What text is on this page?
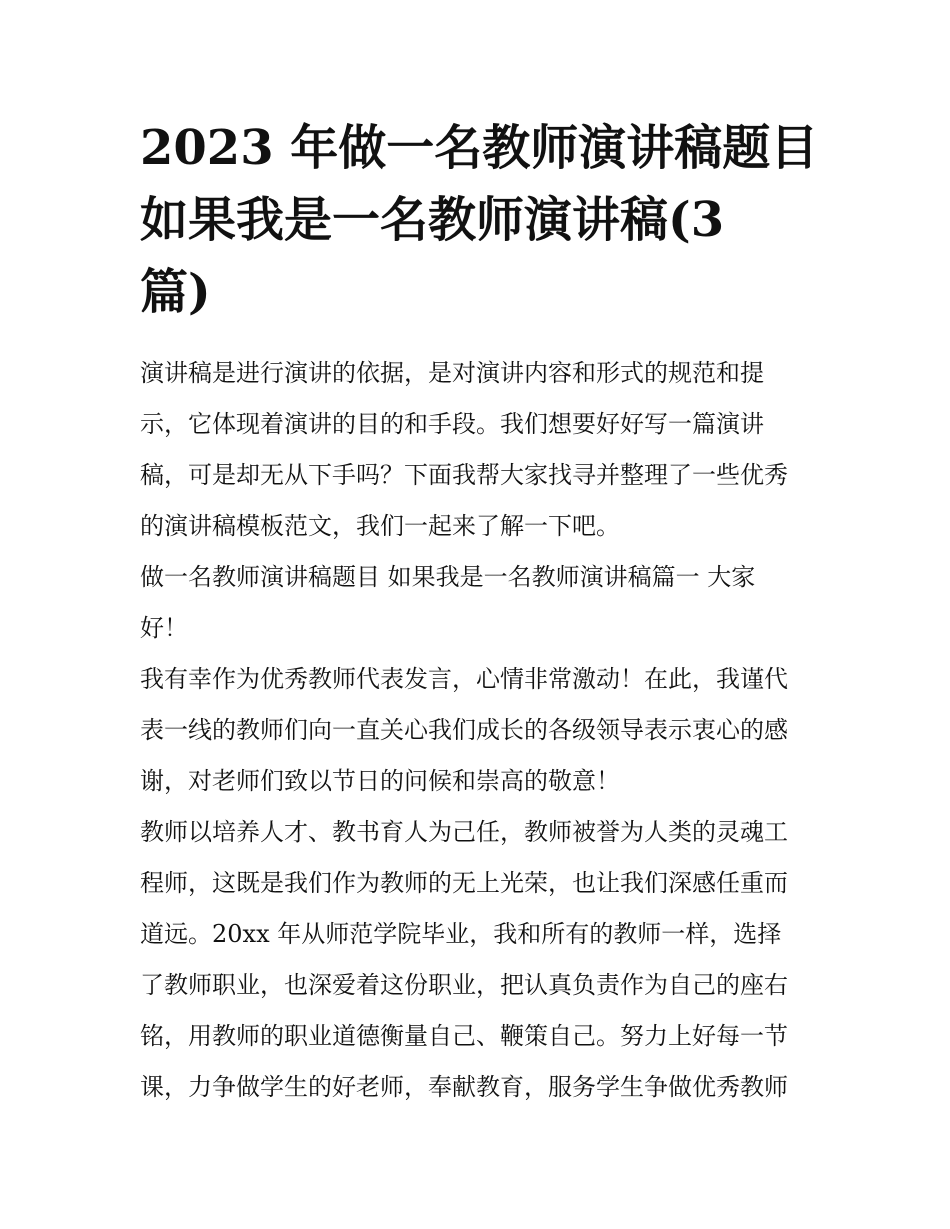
2023 年做一名教师演讲稿题目
如果我是一名教师演讲稿(3
篇)
演讲稿是进行演讲的依据，是对演讲内容和形式的规范和提
示，它体现着演讲的目的和手段。我们想要好好写一篇演讲
稿，可是却无从下手吗？下面我帮大家找寻并整理了一些优秀
的演讲稿模板范文，我们一起来了解一下吧。
做一名教师演讲稿题目 如果我是一名教师演讲稿篇一 大家
好！
我有幸作为优秀教师代表发言，心情非常激动！在此，我谨代
表一线的教师们向一直关心我们成长的各级领导表示衷心的感
谢，对老师们致以节日的问候和崇高的敬意！
教师以培养人才、教书育人为己任，教师被誉为人类的灵魂工
程师，这既是我们作为教师的无上光荣，也让我们深感任重而
道远。20xx 年从师范学院毕业，我和所有的教师一样，选择
了教师职业，也深爱着这份职业，把认真负责作为自己的座右
铭，用教师的职业道德衡量自己、鞭策自己。努力上好每一节
课，力争做学生的好老师，奉献教育，服务学生争做优秀教师
